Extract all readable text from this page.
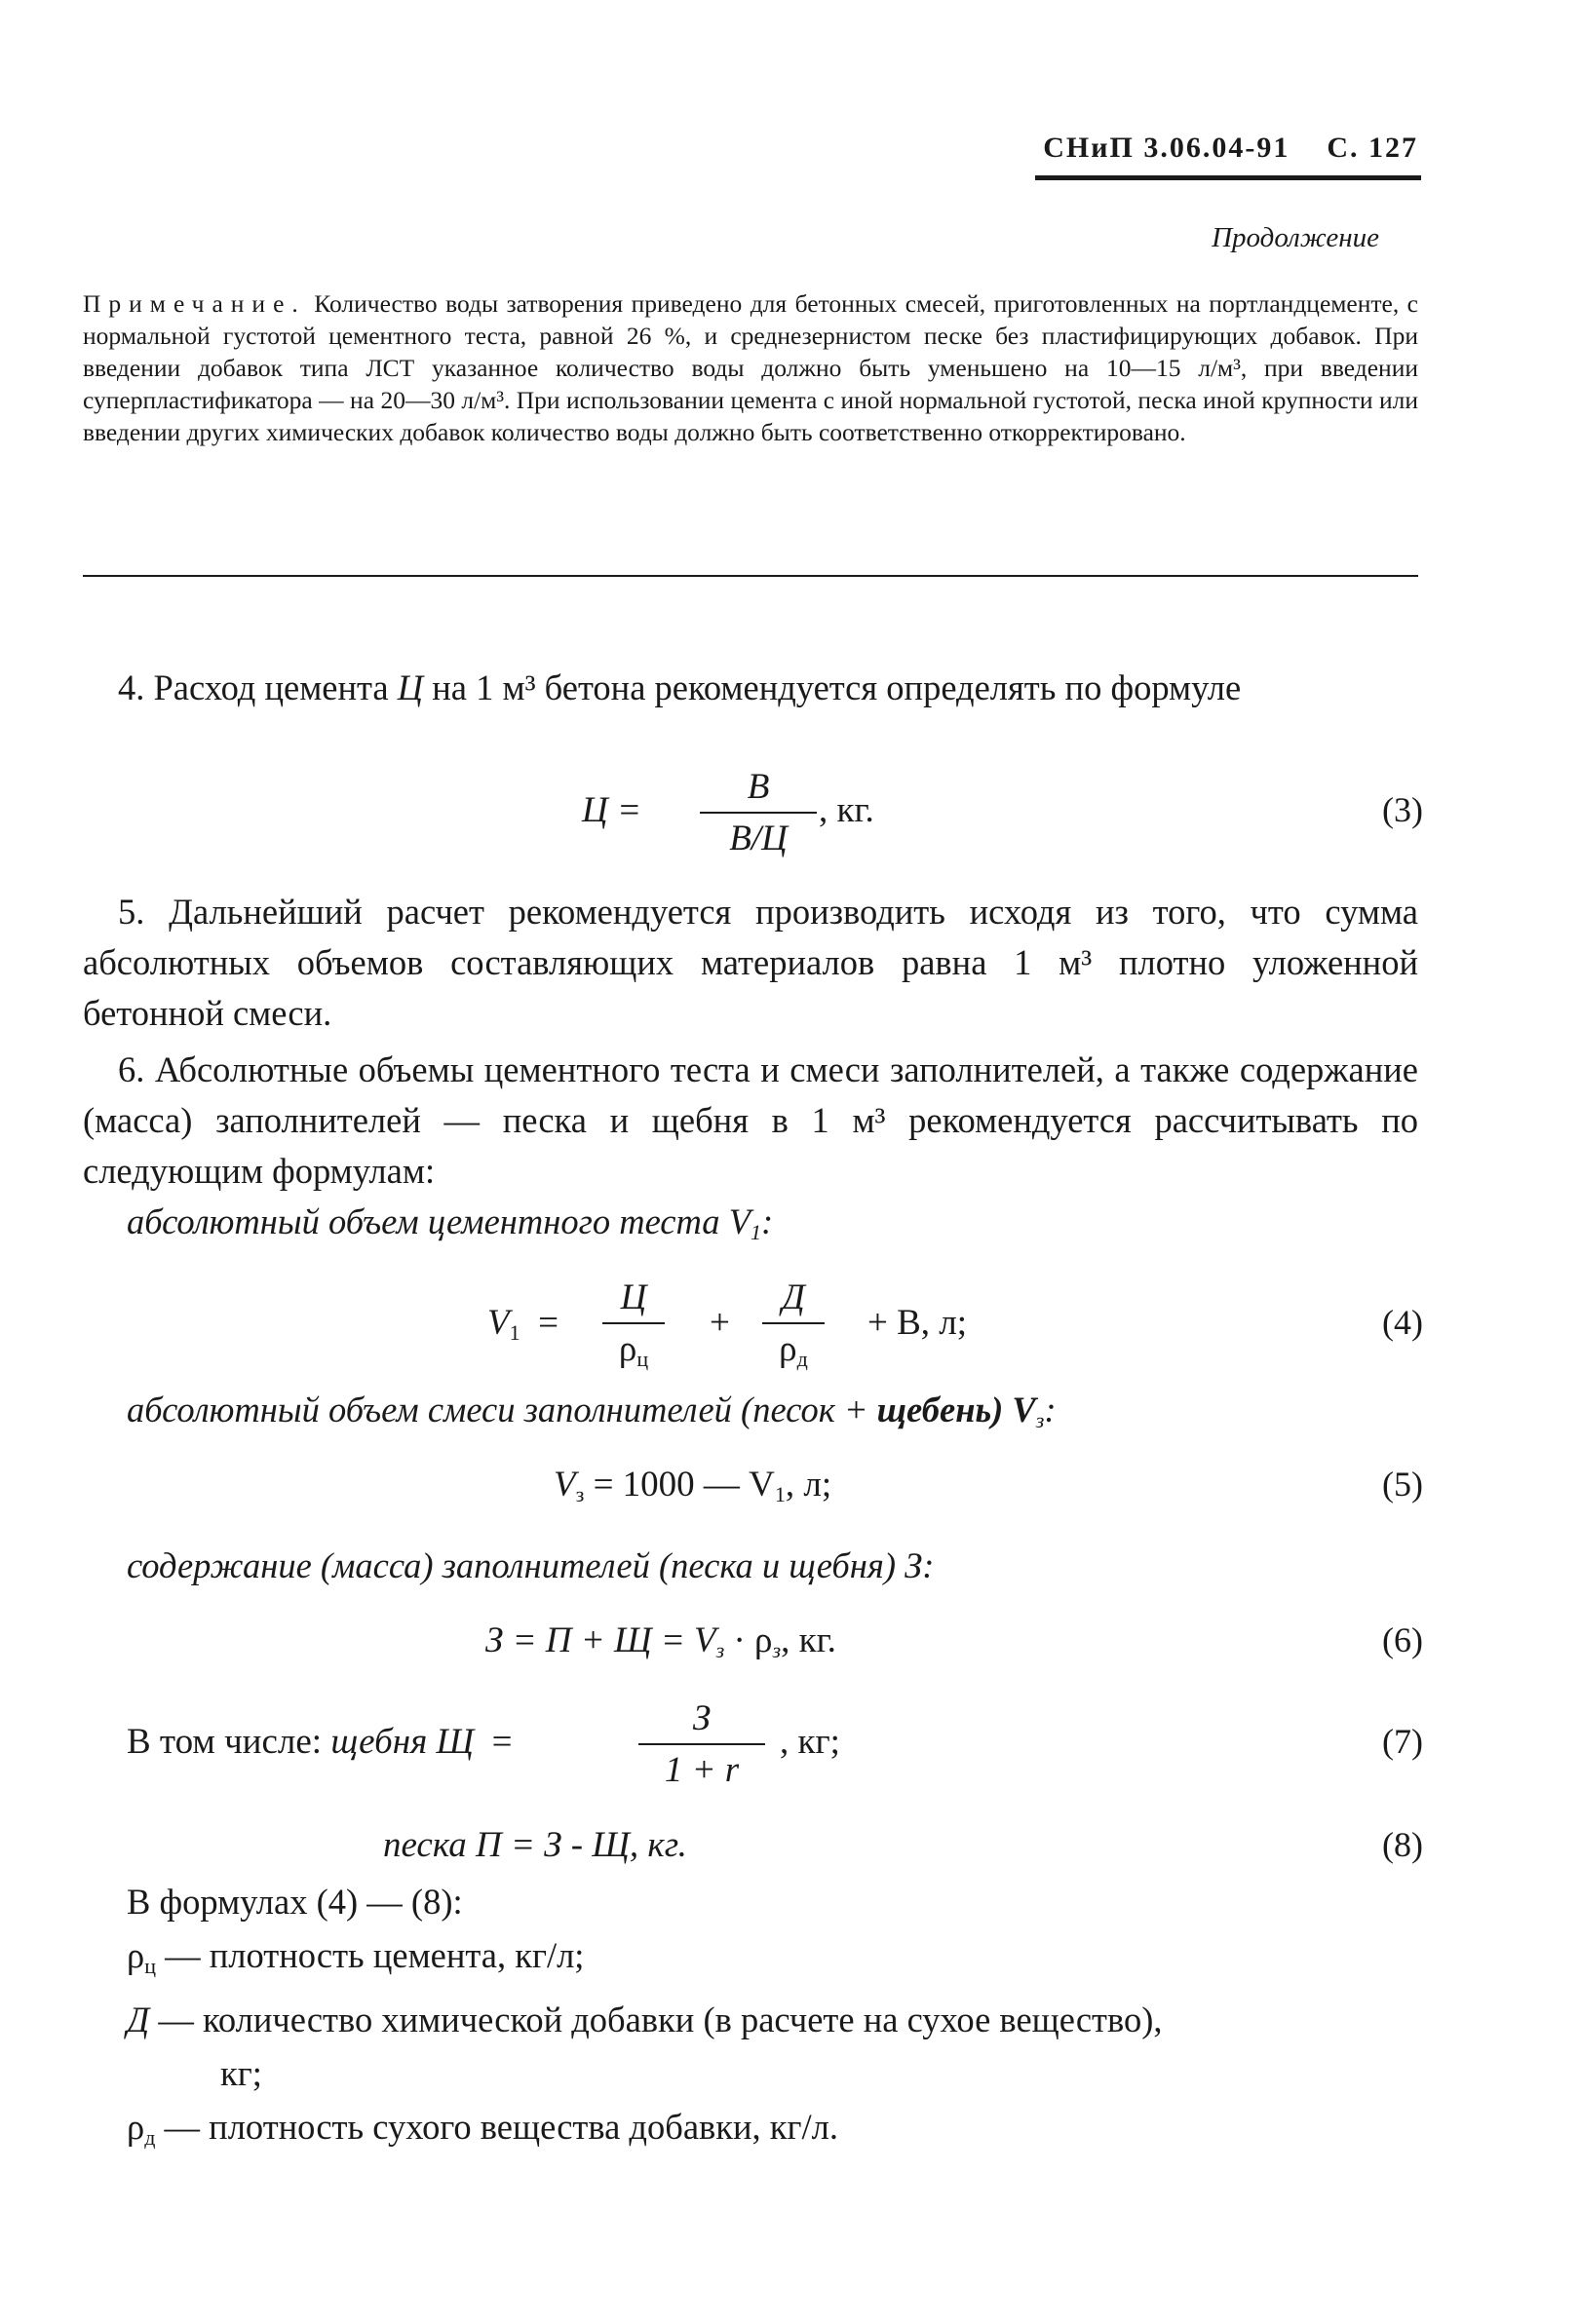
СНиП 3.06.04-91 С. 127
Продолжение
Примечание. Количество воды затворения приведено для бетонных смесей, приготовленных на портландцементе, с нормальной густотой цементного теста, равной 26 %, и среднезернистом песке без пластифицирующих добавок. При введении добавок типа ЛСТ указанное количество воды должно быть уменьшено на 10—15 л/м³, при введении суперпластификатора — на 20—30 л/м³. При использовании цемента с иной нормальной густотой, песка иной крупности или введении других химических добавок количество воды должно быть соответственно откорректировано.
4. Расход цемента Ц на 1 м³ бетона рекомендуется определять по формуле
Ц =
В
В/Ц
, кг.	(3)
5. Дальнейший расчет рекомендуется производить исходя из того, что сумма абсолютных объемов составляющих материалов равна 1 м³ плотно уложенной бетонной смеси.
6. Абсолютные объемы цементного теста и смеси заполнителей, а также содержание (масса) заполнителей — песка и щебня в 1 м³ рекомендуется рассчитывать по следующим формулам:
абсолютный объем цементного теста $V_1$:
$V_1$ =
Ц
$\rho_ц$
+
Д
$\rho_д$
+ В, л;	(4)
абсолютный объем смеси заполнителей (песок + щебень) $V_з$:
$V_з = 1000$ — $V_1$, л;	(5)
содержание (масса) заполнителей (песка и щебня) З:
$З = П + Щ = V_з \cdot \rho_з$, кг.	(6)
В том числе: щебня Щ =
З
1 + r
, кг;	(7)
песка П = З - Щ, кг.	(8)
В формулах (4) — (8):
$\rho_ц$ — плотность цемента, кг/л;
Д — количество химической добавки (в расчете на сухое вещество),
кг;
$\rho_д$ — плотность сухого вещества добавки, кг/л.
